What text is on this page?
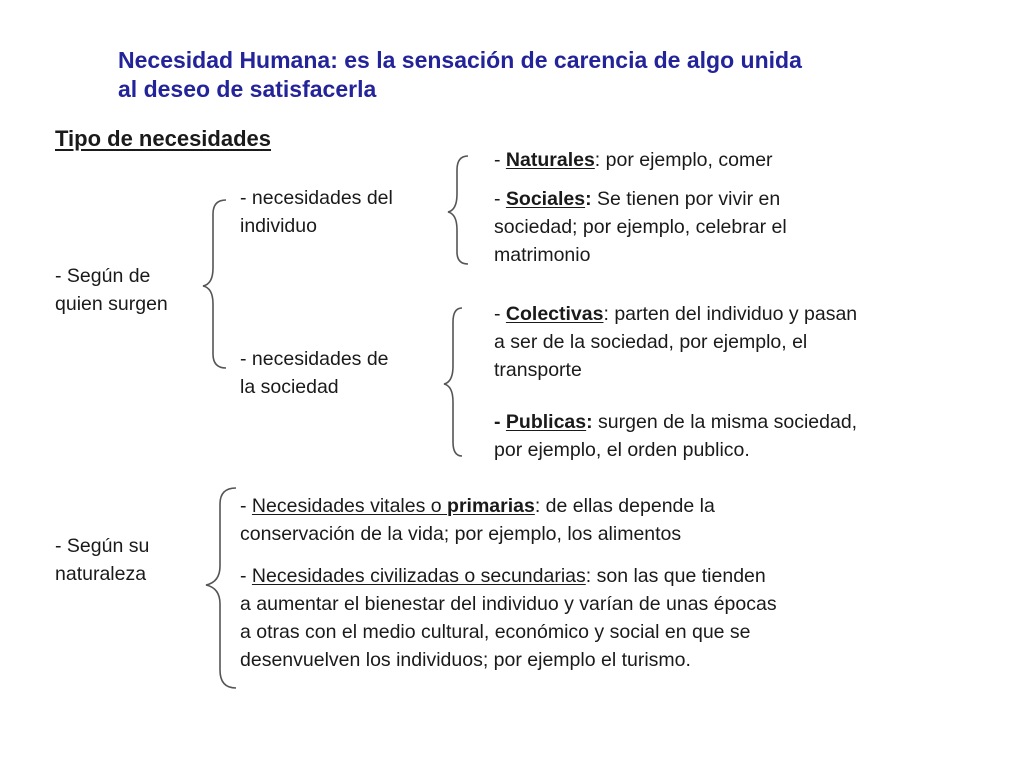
Necesidad Humana: es la sensación de carencia de algo unida
al deseo de satisfacerla
Tipo de necesidades
- Según de
quien surgen
- necesidades del
individuo
- Naturales: por ejemplo, comer
- Sociales: Se tienen por vivir en
sociedad; por ejemplo, celebrar el
matrimonio
- necesidades de
la sociedad
- Colectivas: parten del individuo y pasan
a ser de la sociedad, por ejemplo, el
transporte
- Publicas: surgen de la misma sociedad,
por ejemplo, el orden publico.
- Según su
naturaleza
- Necesidades vitales o primarias: de ellas depende la
conservación de la vida; por ejemplo, los alimentos
- Necesidades civilizadas o secundarias: son las que tienden
a aumentar el bienestar del individuo y varían de unas épocas
a otras con el medio cultural, económico y social en que se
desenvuelven los individuos; por ejemplo el turismo.
